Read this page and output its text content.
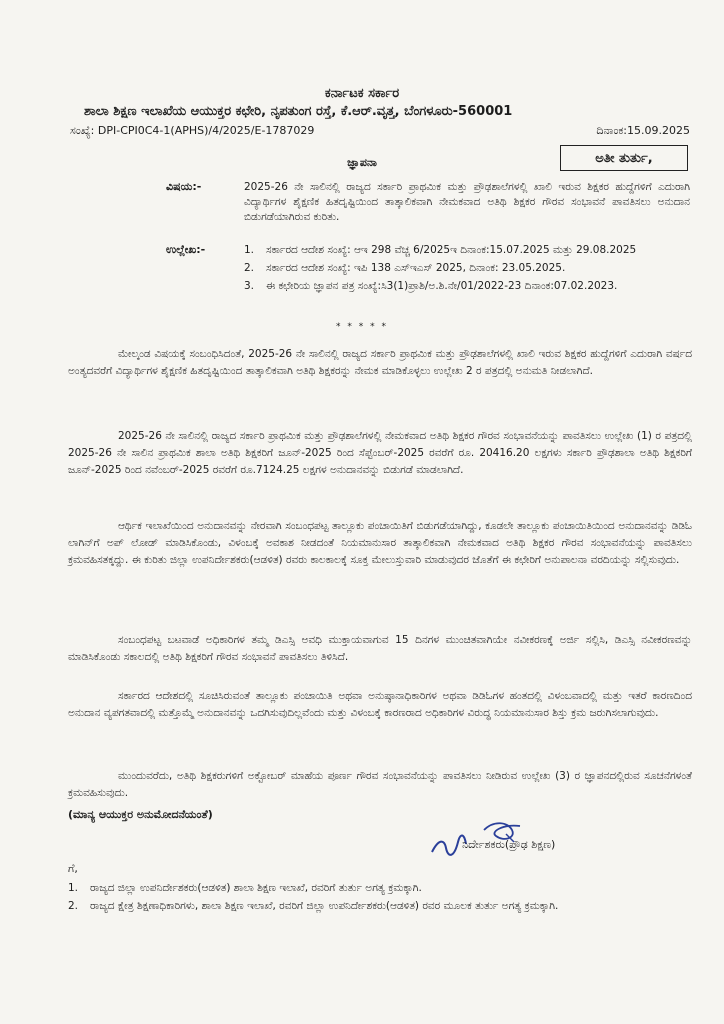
ಕರ್ನಾಟಕ ಸರ್ಕಾರ
ಶಾಲಾ ಶಿಕ್ಷಣ ಇಲಾಖೆಯ ಆಯುಕ್ತರ ಕಛೇರಿ, ನೃಪತುಂಗ ರಸ್ತೆ, ಕೆ.ಆರ್.ವೃತ್ತ, ಬೆಂಗಳೂರು-560001
ಸಂಖ್ಯೆ: DPI-CPI0C4-1(APHS)/4/2025/E-1787029	ದಿನಾಂಕ:15.09.2025
ಅತೀ ತುರ್ತು,
ಜ್ಞಾಪನಾ
ವಿಷಯ:-	2025-26 ನೇ ಸಾಲಿನಲ್ಲಿ ರಾಜ್ಯದ ಸರ್ಕಾರಿ ಪ್ರಾಥಮಿಕ ಮತ್ತು ಪ್ರೌಢಶಾಲೆಗಳಲ್ಲಿ ಖಾಲಿ ಇರುವ ಶಿಕ್ಷಕರ ಹುದ್ದೆಗಳಿಗೆ ಎದುರಾಗಿ ವಿದ್ಯಾರ್ಥಿಗಳ ಶೈಕ್ಷಣಿಕ ಹಿತದೃಷ್ಟಿಯಿಂದ ತಾತ್ಕಾಲಿಕವಾಗಿ ನೇಮಕವಾದ ಅತಿಥಿ ಶಿಕ್ಷಕರ ಗೌರವ ಸಂಭಾವನೆ ಪಾವತಿಸಲು ಅನುದಾನ ಬಿಡುಗಡೆಯಾಗಿರುವ ಕುರಿತು.
ಉಲ್ಲೇಖ:-	1.	ಸರ್ಕಾರದ ಆದೇಶ ಸಂಖ್ಯೆ: ಆಇ 298 ವೆಚ್ಚ 6/2025ಇ ದಿನಾಂಕ:15.07.2025 ಮತ್ತು 29.08.2025
2.	ಸರ್ಕಾರದ ಆದೇಶ ಸಂಖ್ಯೆ: ಇಪಿ 138 ಎಸ್‌ಇಎಸ್ 2025, ದಿನಾಂಕ: 23.05.2025.
3.	ಈ ಕಛೇರಿಯ ಜ್ಞಾಪನ ಪತ್ರ ಸಂಖ್ಯೆ:ಸಿ3(1)ಪ್ರಾಶಿ/ಅ.ಶಿ.ನೇ/01/2022-23 ದಿನಾಂಕ:07.02.2023.
* * * * *
ಮೇಲ್ಕಂಡ ವಿಷಯಕ್ಕೆ ಸಂಬಂಧಿಸಿದಂತೆ, 2025-26 ನೇ ಸಾಲಿನಲ್ಲಿ ರಾಜ್ಯದ ಸರ್ಕಾರಿ ಪ್ರಾಥಮಿಕ ಮತ್ತು ಪ್ರೌಢಶಾಲೆಗಳಲ್ಲಿ ಖಾಲಿ ಇರುವ ಶಿಕ್ಷಕರ ಹುದ್ದೆಗಳಿಗೆ ಎದುರಾಗಿ ವರ್ಷದ ಅಂತ್ಯದವರೆಗೆ ವಿದ್ಯಾರ್ಥಿಗಳ ಶೈಕ್ಷಣಿಕ ಹಿತದೃಷ್ಟಿಯಿಂದ ತಾತ್ಕಾಲಿಕವಾಗಿ ಅತಿಥಿ ಶಿಕ್ಷಕರನ್ನು ನೇಮಕ ಮಾಡಿಕೊಳ್ಳಲು ಉಲ್ಲೇಖ 2 ರ ಪತ್ರದಲ್ಲಿ ಅನುಮತಿ ನೀಡಲಾಗಿದೆ.
2025-26 ನೇ ಸಾಲಿನಲ್ಲಿ ರಾಜ್ಯದ ಸರ್ಕಾರಿ ಪ್ರಾಥಮಿಕ ಮತ್ತು ಪ್ರೌಢಶಾಲೆಗಳಲ್ಲಿ ನೇಮಕವಾದ ಅತಿಥಿ ಶಿಕ್ಷಕರ ಗೌರವ ಸಂಭಾವನೆಯನ್ನು ಪಾವತಿಸಲು ಉಲ್ಲೇಖ (1) ರ ಪತ್ರದಲ್ಲಿ 2025-26 ನೇ ಸಾಲಿನ ಪ್ರಾಥಮಿಕ ಶಾಲಾ ಅತಿಥಿ ಶಿಕ್ಷಕರಿಗೆ ಜೂನ್-2025 ರಿಂದ ಸೆಪ್ಟೆಂಬರ್-2025 ರವರೆಗೆ ರೂ. 20416.20 ಲಕ್ಷಗಳು ಸರ್ಕಾರಿ ಪ್ರೌಢಶಾಲಾ ಅತಿಥಿ ಶಿಕ್ಷಕರಿಗೆ ಜೂನ್-2025 ರಿಂದ ನವೆಂಬರ್-2025 ರವರೆಗೆ ರೂ.7124.25 ಲಕ್ಷಗಳ ಅನುದಾನವನ್ನು ಬಿಡುಗಡೆ ಮಾಡಲಾಗಿದೆ.
ಆರ್ಥಿಕ ಇಲಾಖೆಯಿಂದ ಅನುದಾನವನ್ನು ನೇರವಾಗಿ ಸಂಬಂಧಪಟ್ಟ ತಾಲ್ಲೂಕು ಪಂಚಾಯಿತಿಗೆ ಬಿಡುಗಡೆಯಾಗಿದ್ದು, ಕೂಡಲೇ ತಾಲ್ಲೂಕು ಪಂಚಾಯಿತಿಯಿಂದ ಅನುದಾನವನ್ನು ಡಿಡಿಓ ಲಾಗಿನ್‌ಗೆ ಅಪ್ ಲೋಡ್ ಮಾಡಿಸಿಕೊಂಡು, ವಿಳಂಬಕ್ಕೆ ಅವಕಾಶ ನೀಡದಂತೆ ನಿಯಮಾನುಸಾರ ತಾತ್ಕಾಲಿಕವಾಗಿ ನೇಮಕವಾದ ಅತಿಥಿ ಶಿಕ್ಷಕರ ಗೌರವ ಸಂಭಾವನೆಯನ್ನು ಪಾವತಿಸಲು ಕ್ರಮವಹಿಸತಕ್ಕದ್ದು. ಈ ಕುರಿತು ಜಿಲ್ಲಾ ಉಪನಿರ್ದೇಶಕರು(ಆಡಳಿತ) ರವರು ಕಾಲಕಾಲಕ್ಕೆ ಸೂಕ್ತ ಮೇಲುಸ್ತುವಾರಿ ಮಾಡುವುದರ ಜೊತೆಗೆ ಈ ಕಛೇರಿಗೆ ಅನುಪಾಲನಾ ವರದಿಯನ್ನು ಸಲ್ಲಿಸುವುದು.
ಸಂಬಂಧಪಟ್ಟ ಬಟವಾಡೆ ಅಧಿಕಾರಿಗಳ ತಮ್ಮ ಡಿಎಸ್ಸಿ ಅವಧಿ ಮುಕ್ತಾಯವಾಗುವ 15 ದಿನಗಳ ಮುಂಚಿತವಾಗಿಯೇ ನವೀಕರಣಕ್ಕೆ ಅರ್ಜಿ ಸಲ್ಲಿಸಿ, ಡಿಎಸ್ಸಿ ನವೀಕರಣವನ್ನು ಮಾಡಿಸಿಕೊಂಡು ಸಕಾಲದಲ್ಲಿ ಅತಿಥಿ ಶಿಕ್ಷಕರಿಗೆ ಗೌರವ ಸಂಭಾವನೆ ಪಾವತಿಸಲು ತಿಳಿಸಿದೆ.
ಸರ್ಕಾರದ ಆದೇಶದಲ್ಲಿ ಸೂಚಿಸಿರುವಂತೆ ತಾಲ್ಲೂಕು ಪಂಚಾಯಿತಿ ಅಥವಾ ಅನುಷ್ಠಾನಾಧಿಕಾರಿಗಳ ಅಥವಾ ಡಿಡಿಓಗಳ ಹಂತದಲ್ಲಿ ವಿಳಂಬವಾದಲ್ಲಿ ಮತ್ತು ಇತರೆ ಕಾರಣದಿಂದ ಅನುದಾನ ವ್ಯಪಗತವಾದಲ್ಲಿ ಮತ್ತೊಮ್ಮೆ ಅನುದಾನವನ್ನು ಒದಗಿಸುವುದಿಲ್ಲವೆಂದು ಮತ್ತು ವಿಳಂಬಕ್ಕೆ ಕಾರಣರಾದ ಅಧಿಕಾರಿಗಳ ವಿರುದ್ಧ ನಿಯಮಾನುಸಾರ ಶಿಸ್ತು ಕ್ರಮ ಜರುಗಿಸಲಾಗುವುದು.
ಮುಂದುವರೆದು, ಅತಿಥಿ ಶಿಕ್ಷಕರುಗಳಿಗೆ ಅಕ್ಟೋಬರ್ ಮಾಹೆಯ ಪೂರ್ಣ ಗೌರವ ಸಂಭಾವನೆಯನ್ನು ಪಾವತಿಸಲು ನೀಡಿರುವ ಉಲ್ಲೇಖ (3) ರ ಜ್ಞಾಪನದಲ್ಲಿರುವ ಸೂಚನೆಗಳಂತೆ ಕ್ರಮವಹಿಸುವುದು.
(ಮಾನ್ಯ ಆಯುಕ್ತರ ಅನುಮೋದನೆಯಂತೆ)
ನಿರ್ದೇಶಕರು(ಪ್ರೌಢ ಶಿಕ್ಷಣ)
ಗೆ,
1.	ರಾಜ್ಯದ ಜಿಲ್ಲಾ ಉಪನಿರ್ದೇಶಕರು(ಆಡಳಿತ) ಶಾಲಾ ಶಿಕ್ಷಣ ಇಲಾಖೆ, ರವರಿಗೆ ತುರ್ತು ಅಗತ್ಯ ಕ್ರಮಕ್ಕಾಗಿ.
2.	ರಾಜ್ಯದ ಕ್ಷೇತ್ರ ಶಿಕ್ಷಣಾಧಿಕಾರಿಗಳು, ಶಾಲಾ ಶಿಕ್ಷಣ ಇಲಾಖೆ, ರವರಿಗೆ ಜಿಲ್ಲಾ ಉಪನಿರ್ದೇಶಕರು(ಆಡಳಿತ) ರವರ ಮೂಲಕ ತುರ್ತು ಅಗತ್ಯ ಕ್ರಮಕ್ಕಾಗಿ.
